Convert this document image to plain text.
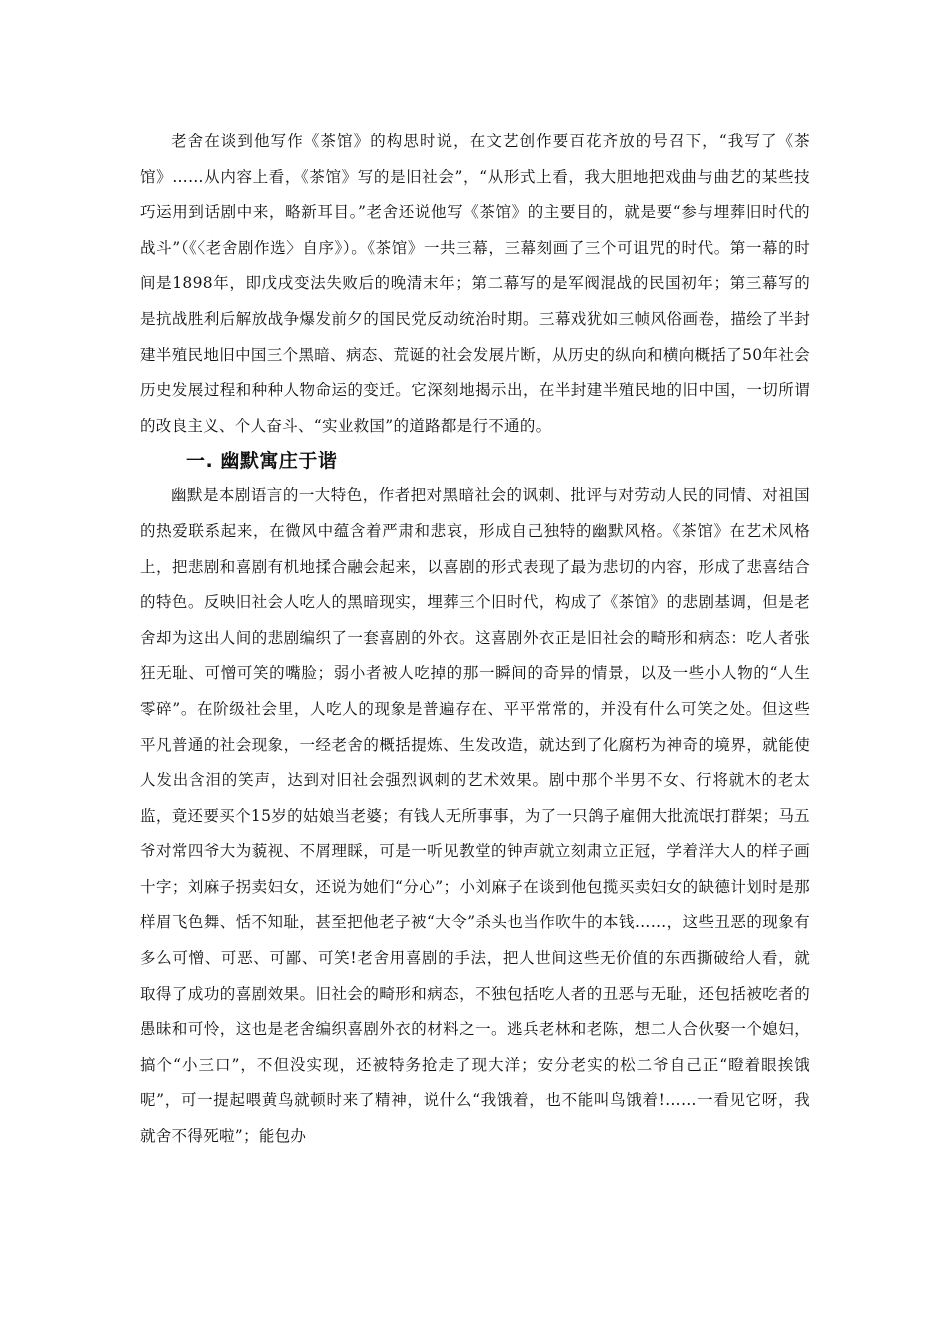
老舍在谈到他写作《茶馆》的构思时说，在文艺创作要百花齐放的号召下，“我写了《茶馆》……从内容上看，《茶馆》写的是旧社会”，“从形式上看，我大胆地把戏曲与曲艺的某些技巧运用到话剧中来，略新耳目。”老舍还说他写《茶馆》的主要目的，就是要“参与埋葬旧时代的战斗”（《〈老舍剧作选〉自序》）。《茶馆》一共三幕，三幕刻画了三个可诅咒的时代。第一幕的时间是1898年，即戊戌变法失败后的晚清末年；第二幕写的是军阀混战的民国初年；第三幕写的是抗战胜利后解放战争爆发前夕的国民党反动统治时期。三幕戏犹如三帧风俗画卷，描绘了半封建半殖民地旧中国三个黑暗、病态、荒诞的社会发展片断，从历史的纵向和横向概括了50年社会历史发展过程和种种人物命运的变迁。它深刻地揭示出，在半封建半殖民地的旧中国，一切所谓的改良主义、个人奋斗、“实业救国”的道路都是行不通的。

一. 幽默寓庄于谐

幽默是本剧语言的一大特色，作者把对黑暗社会的讽刺、批评与对劳动人民的同情、对祖国的热爱联系起来，在微风中蕴含着严肃和悲哀，形成自己独特的幽默风格。《茶馆》在艺术风格上，把悲剧和喜剧有机地揉合融会起来，以喜剧的形式表现了最为悲切的内容，形成了悲喜结合的特色。反映旧社会人吃人的黑暗现实，埋葬三个旧时代，构成了《茶馆》的悲剧基调，但是老舍却为这出人间的悲剧编织了一套喜剧的外衣。这喜剧外衣正是旧社会的畸形和病态：吃人者张狂无耻、可憎可笑的嘴脸；弱小者被人吃掉的那一瞬间的奇异的情景，以及一些小人物的“人生零碎”。在阶级社会里，人吃人的现象是普遍存在、平平常常的，并没有什么可笑之处。但这些平凡普通的社会现象，一经老舍的概括提炼、生发改造，就达到了化腐朽为神奇的境界，就能使人发出含泪的笑声，达到对旧社会强烈讽刺的艺术效果。剧中那个半男不女、行将就木的老太监，竟还要买个15岁的姑娘当老婆；有钱人无所事事，为了一只鸽子雇佣大批流氓打群架；马五爷对常四爷大为藐视、不屑理睬，可是一听见教堂的钟声就立刻肃立正冠，学着洋大人的样子画十字；刘麻子拐卖妇女，还说为她们“分心”；小刘麻子在谈到他包揽买卖妇女的缺德计划时是那样眉飞色舞、恬不知耻，甚至把他老子被“大令”杀头也当作吹牛的本钱……，这些丑恶的现象有多么可憎、可恶、可鄙、可笑!老舍用喜剧的手法，把人世间这些无价值的东西撕破给人看，就取得了成功的喜剧效果。旧社会的畸形和病态，不独包括吃人者的丑恶与无耻，还包括被吃者的愚昧和可怜，这也是老舍编织喜剧外衣的材料之一。逃兵老林和老陈，想二人合伙娶一个媳妇，搞个“小三口”，不但没实现，还被特务抢走了现大洋；安分老实的松二爷自己正“瞪着眼挨饿呢”，可一提起喂黄鸟就顿时来了精神，说什么“我饿着，也不能叫鸟饿着!……一看见它呀，我就舍不得死啦”；能包办
